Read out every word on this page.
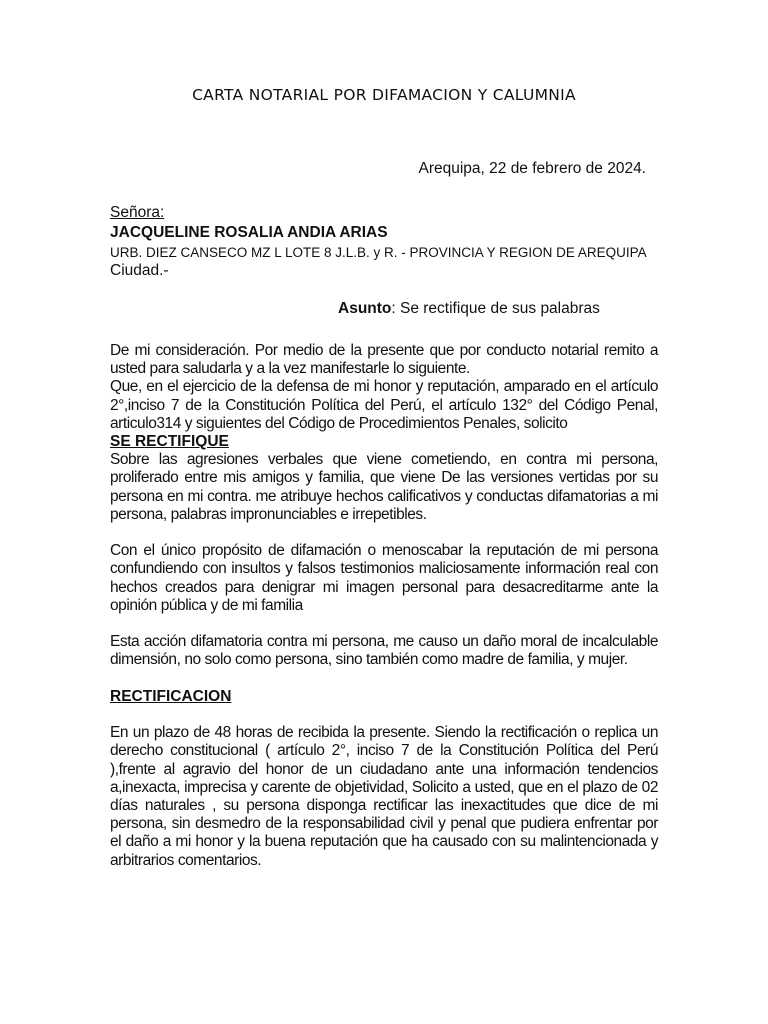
CARTA NOTARIAL POR DIFAMACION Y CALUMNIA
Arequipa, 22 de febrero de 2024.
Señora:
JACQUELINE ROSALIA ANDIA ARIAS
URB. DIEZ CANSECO MZ L LOTE 8 J.L.B. y R. - PROVINCIA Y REGION DE AREQUIPA
Ciudad.-
Asunto: Se rectifique de sus palabras

De mi consideración. Por medio de la presente que por conducto notarial remito a usted para saludarla y a la vez manifestarle lo siguiente.

Que, en el ejercicio de la defensa de mi honor y reputación, amparado en el artículo 2°,inciso 7 de la Constitución Política del Perú, el artículo 132° del Código Penal, articulo314 y siguientes del Código de Procedimientos Penales, solicito

SE RECTIFIQUE

Sobre las agresiones verbales que viene cometiendo, en contra mi persona, proliferado entre mis amigos y familia, que viene De las versiones vertidas por su persona en mi contra. me atribuye hechos calificativos y conductas difamatorias a mi persona, palabras impronunciables e irrepetibles.

Con el único propósito de difamación o menoscabar la reputación de mi persona confundiendo con insultos y falsos testimonios maliciosamente información real con hechos creados para denigrar mi imagen personal para desacreditarme ante la opinión pública y de mi familia

Esta acción difamatoria contra mi persona, me causo un daño moral de incalculable dimensión, no solo como persona, sino también como madre de familia, y mujer.

RECTIFICACION

En un plazo de 48 horas de recibida la presente. Siendo la rectificación o replica un derecho constitucional ( artículo 2°, inciso 7 de la Constitución Política del Perú ),frente al agravio del honor de un ciudadano ante una información tendencios a,inexacta, imprecisa y carente de objetividad, Solicito a usted, que en el plazo de 02 días naturales , su persona disponga rectificar las inexactitudes que dice de mi persona, sin desmedro de la responsabilidad civil y penal que pudiera enfrentar por el daño a mi honor y la buena reputación que ha causado con su malintencionada y arbitrarios comentarios.
